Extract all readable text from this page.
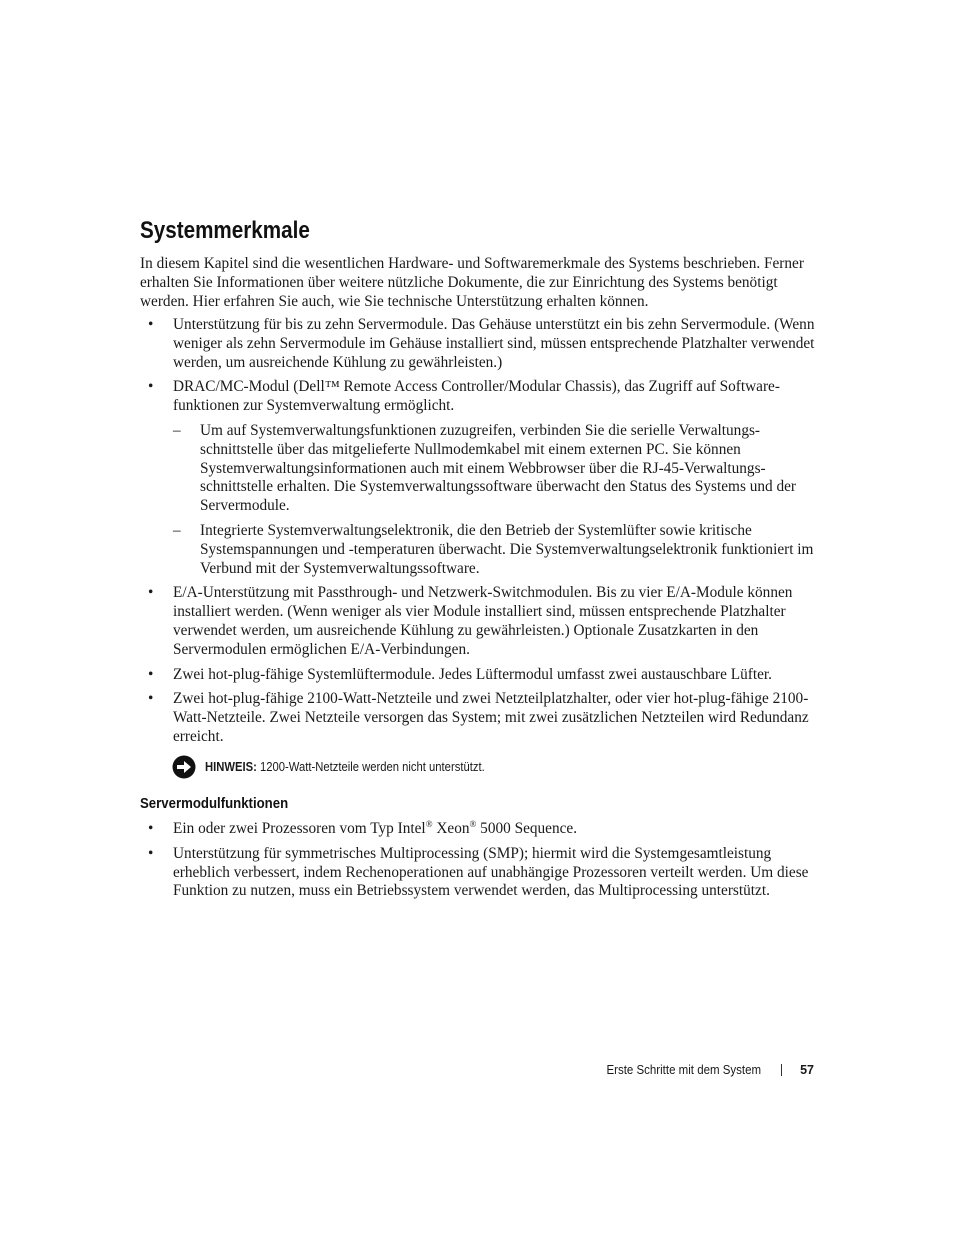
Systemmerkmale

In diesem Kapitel sind die wesentlichen Hardware- und Softwaremerkmale des Systems beschrieben. Ferner erhalten Sie Informationen über weitere nützliche Dokumente, die zur Einrichtung des Systems benötigt werden. Hier erfahren Sie auch, wie Sie technische Unterstützung erhalten können.

• Unterstützung für bis zu zehn Servermodule. Das Gehäuse unterstützt ein bis zehn Servermodule. (Wenn weniger als zehn Servermodule im Gehäuse installiert sind, müssen entsprechende Platzhalter verwendet werden, um ausreichende Kühlung zu gewährleisten.)
• DRAC/MC-Modul (Dell™ Remote Access Controller/Modular Chassis), das Zugriff auf Software-funktionen zur Systemverwaltung ermöglicht.
– Um auf Systemverwaltungsfunktionen zuzugreifen, verbinden Sie die serielle Verwaltungs-schnittstelle über das mitgelieferte Nullmodemkabel mit einem externen PC. Sie können Systemverwaltungsinformationen auch mit einem Webbrowser über die RJ-45-Verwaltungs-schnittstelle erhalten. Die Systemverwaltungssoftware überwacht den Status des Systems und der Servermodule.
– Integrierte Systemverwaltungselektronik, die den Betrieb der Systemlüfter sowie kritische Systemspannungen und -temperaturen überwacht. Die Systemverwaltungselektronik funktioniert im Verbund mit der Systemverwaltungssoftware.
• E/A-Unterstützung mit Passthrough- und Netzwerk-Switchmodulen. Bis zu vier E/A-Module können installiert werden. (Wenn weniger als vier Module installiert sind, müssen entsprechende Platzhalter verwendet werden, um ausreichende Kühlung zu gewährleisten.) Optionale Zusatzkarten in den Servermodulen ermöglichen E/A-Verbindungen.
• Zwei hot-plug-fähige Systemlüftermodule. Jedes Lüftermodul umfasst zwei austauschbare Lüfter.
• Zwei hot-plug-fähige 2100-Watt-Netzteile und zwei Netzteilplatzhalter, oder vier hot-plug-fähige 2100-Watt-Netzteile. Zwei Netzteile versorgen das System; mit zwei zusätzlichen Netzteilen wird Redundanz erreicht.
HINWEIS: 1200-Watt-Netzteile werden nicht unterstützt.
Servermodulfunktionen
• Ein oder zwei Prozessoren vom Typ Intel® Xeon® 5000 Sequence.
• Unterstützung für symmetrisches Multiprocessing (SMP); hiermit wird die Systemgesamtleistung erheblich verbessert, indem Rechenoperationen auf unabhängige Prozessoren verteilt werden. Um diese Funktion zu nutzen, muss ein Betriebssystem verwendet werden, das Multiprocessing unterstützt.
Erste Schritte mit dem System	57
